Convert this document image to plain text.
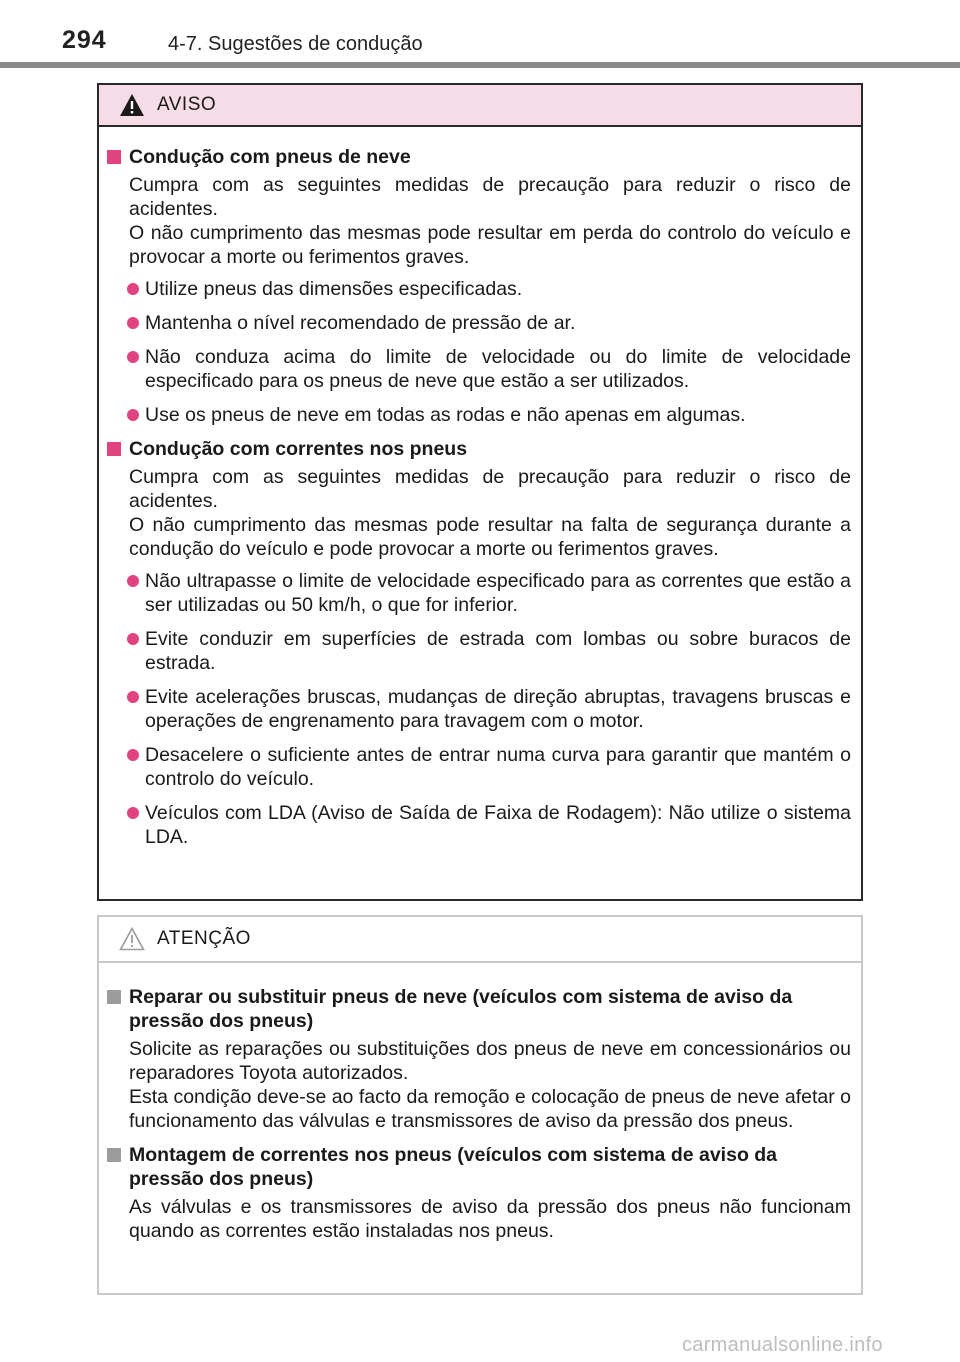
294	4-7. Sugestões de condução
AVISO
Condução com pneus de neve

Cumpra com as seguintes medidas de precaução para reduzir o risco de acidentes.

O não cumprimento das mesmas pode resultar em perda do controlo do veículo e provocar a morte ou ferimentos graves.

Utilize pneus das dimensões especificadas.
Mantenha o nível recomendado de pressão de ar.
Não conduza acima do limite de velocidade ou do limite de velocidade especificado para os pneus de neve que estão a ser utilizados.
Use os pneus de neve em todas as rodas e não apenas em algumas.
Condução com correntes nos pneus

Cumpra com as seguintes medidas de precaução para reduzir o risco de acidentes.

O não cumprimento das mesmas pode resultar na falta de segurança durante a condução do veículo e pode provocar a morte ou ferimentos graves.

Não ultrapasse o limite de velocidade especificado para as correntes que estão a ser utilizadas ou 50 km/h, o que for inferior.
Evite conduzir em superfícies de estrada com lombas ou sobre buracos de estrada.
Evite acelerações bruscas, mudanças de direção abruptas, travagens bruscas e operações de engrenamento para travagem com o motor.
Desacelere o suficiente antes de entrar numa curva para garantir que mantém o controlo do veículo.
Veículos com LDA (Aviso de Saída de Faixa de Rodagem): Não utilize o sistema LDA.
ATENÇÃO
Reparar ou substituir pneus de neve (veículos com sistema de aviso da pressão dos pneus)

Solicite as reparações ou substituições dos pneus de neve em concessionários ou reparadores Toyota autorizados.

Esta condição deve-se ao facto da remoção e colocação de pneus de neve afetar o funcionamento das válvulas e transmissores de aviso da pressão dos pneus.

Montagem de correntes nos pneus (veículos com sistema de aviso da pressão dos pneus)

As válvulas e os transmissores de aviso da pressão dos pneus não funcionam quando as correntes estão instaladas nos pneus.

carmanualsonline.info
